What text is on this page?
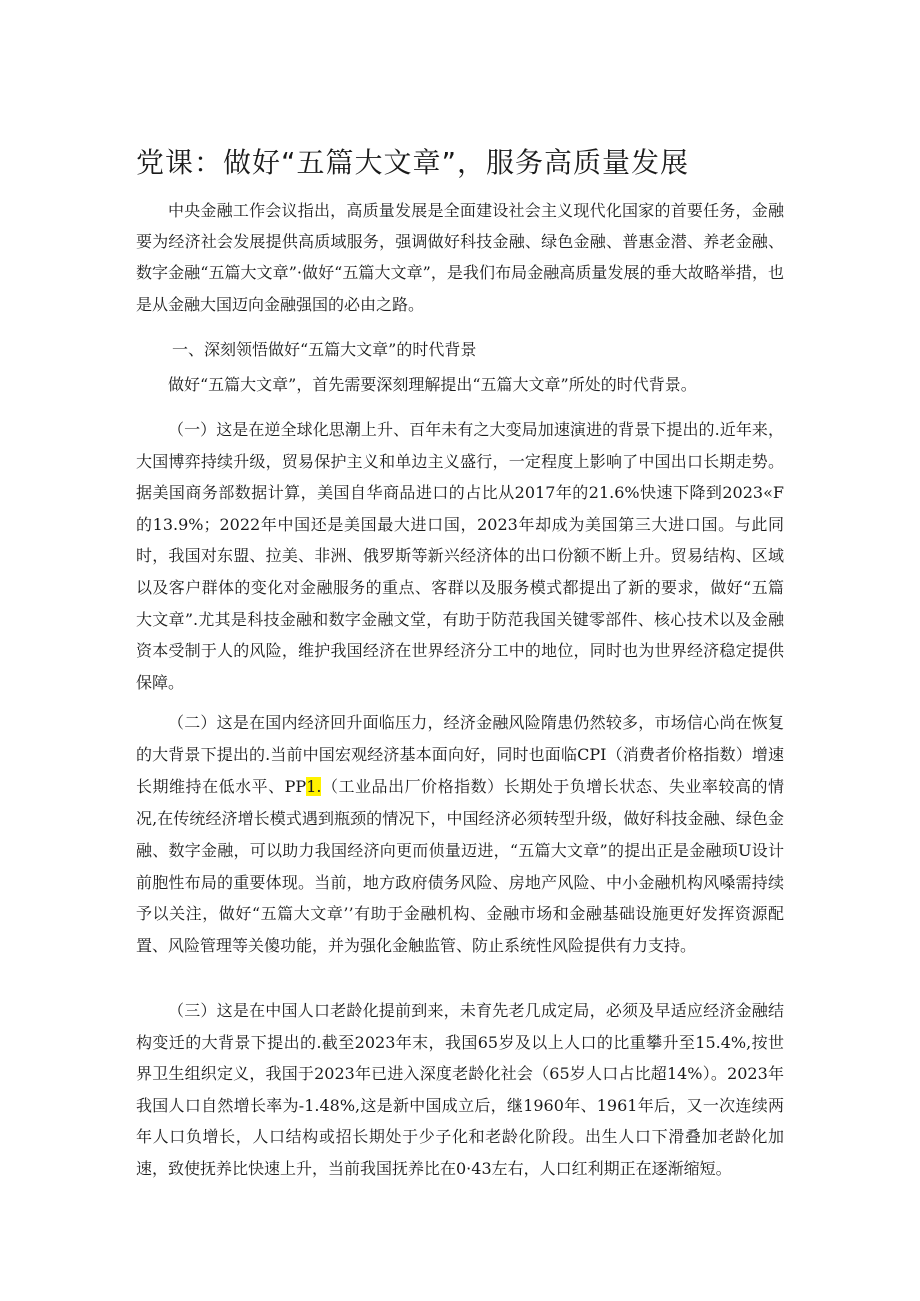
党课：做好“五篇大文章”，服务高质量发展
中央金融工作会议指出，高质量发展是全面建设社会主义现代化国家的首要任务，金融要为经济社会发展提供高质域服务，强调做好科技金融、绿色金融、普惠金潜、养老金融、数字金融“五篇大文章”·做好“五篇大文章”，是我们布局金融高质量发展的垂大故略举措，也是从金融大国迈向金融强国的必由之路。
一、深刻领悟做好“五篇大文章”的时代背景
做好“五篇大文章”，首先需要深刻理解提出“五篇大文章”所处的时代背景。
（一）这是在逆全球化思潮上升、百年未有之大变局加速演进的背景下提出的.近年来，大国博弈持续升级，贸易保护主义和单边主义盛行，一定程度上影响了中国出口长期走势。据美国商务部数据计算，美国自华商品进口的占比从2017年的21.6%快速下降到2023«F的13.9%；2022年中国还是美国最大进口国，2023年却成为美国第三大进口国。与此同时，我国对东盟、拉美、非洲、俄罗斯等新兴经济体的出口份额不断上升。贸易结构、区域以及客户群体的变化对金融服务的重点、客群以及服务模式都提出了新的要求，做好“五篇大文章”.尤其是科技金融和数字金融文堂，有助于防范我国关键零部件、核心技术以及金融资本受制于人的风险，维护我国经济在世界经济分工中的地位，同时也为世界经济稳定提供保障。
（二）这是在国内经济回升面临压力，经济金融风险隋患仍然较多，市场信心尚在恢复的大背景下提出的.当前中国宏观经济基本面向好，同时也面临CPI（消费者价格指数）增速长期维持在低水平、PP1.（工业品出厂价格指数）长期处于负增长状态、失业率较高的情况,在传统经济增长模式遇到瓶颈的情况下，中国经济必须转型升级，做好科技金融、绿色金融、数字金融，可以助力我国经济向更而侦量迈进，“五篇大文章”的提出正是金融顼U设计前胞性布局的重要体现。当前，地方政府债务风险、房地产风险、中小金融机构风嗓需持续予以关注，做好“五篇大文章’’有助于金融机构、金融市场和金融基础设施更好发挥资源配置、风险管理等关傻功能，并为强化金触监管、防止系统性风险提供有力支持。
（三）这是在中国人口老龄化提前到来，未育先老几成定局，必须及早适应经济金融结构变迁的大背景下提出的.截至2023年末，我国65岁及以上人口的比重攀升至15.4%,按世界卫生组织定义，我国于2023年已进入深度老龄化社会（65岁人口占比超14%）。2023年我国人口自然增长率为-1.48%,这是新中国成立后，继1960年、1961年后，又一次连续两年人口负增长，人口结构或招长期处于少子化和老龄化阶段。出生人口下滑叠加老龄化加速，致使抚养比快速上升，当前我国抚养比在0·43左右，人口红利期正在逐渐缩短。
